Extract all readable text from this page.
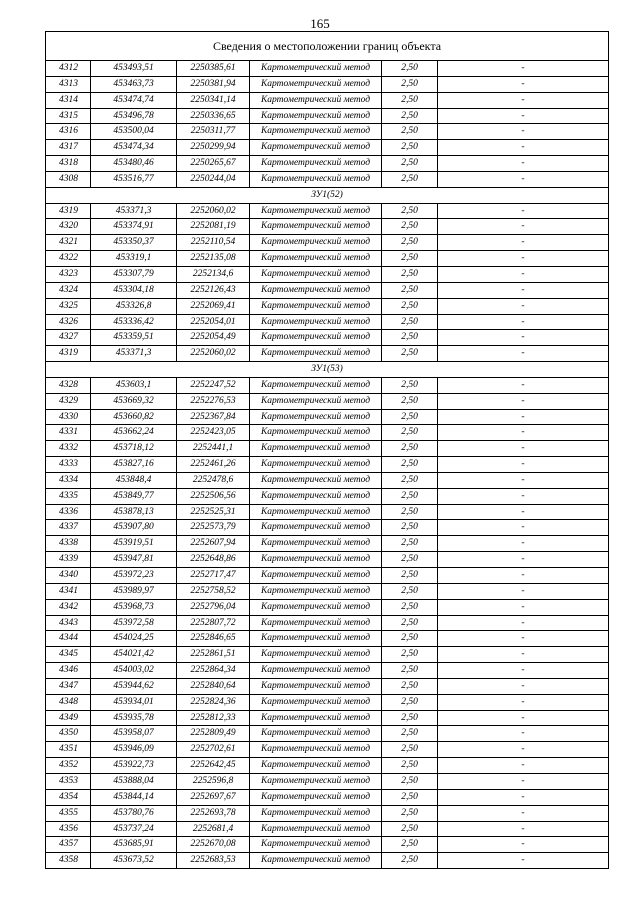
165
Сведения о местоположении границ объекта					
4312	453493,51	2250385,61	Картометрический метод	2,50	-
4313	453463,73	2250381,94	Картометрический метод	2,50	-
4314	453474,74	2250341,14	Картометрический метод	2,50	-
4315	453496,78	2250336,65	Картометрический метод	2,50	-
4316	453500,04	2250311,77	Картометрический метод	2,50	-
4317	453474,34	2250299,94	Картометрический метод	2,50	-
4318	453480,46	2250265,67	Картометрический метод	2,50	-
4308	453516,77	2250244,04	Картометрический метод	2,50	-
ЗУ1(52)					
4319	453371,3	2252060,02	Картометрический метод	2,50	-
4320	453374,91	2252081,19	Картометрический метод	2,50	-
4321	453350,37	2252110,54	Картометрический метод	2,50	-
4322	453319,1	2252135,08	Картометрический метод	2,50	-
4323	453307,79	2252134,6	Картометрический метод	2,50	-
4324	453304,18	2252126,43	Картометрический метод	2,50	-
4325	453326,8	2252069,41	Картометрический метод	2,50	-
4326	453336,42	2252054,01	Картометрический метод	2,50	-
4327	453359,51	2252054,49	Картометрический метод	2,50	-
4319	453371,3	2252060,02	Картометрический метод	2,50	-
ЗУ1(53)					
4328	453603,1	2252247,52	Картометрический метод	2,50	-
4329	453669,32	2252276,53	Картометрический метод	2,50	-
4330	453660,82	2252367,84	Картометрический метод	2,50	-
4331	453662,24	2252423,05	Картометрический метод	2,50	-
4332	453718,12	2252441,1	Картометрический метод	2,50	-
4333	453827,16	2252461,26	Картометрический метод	2,50	-
4334	453848,4	2252478,6	Картометрический метод	2,50	-
4335	453849,77	2252506,56	Картометрический метод	2,50	-
4336	453878,13	2252525,31	Картометрический метод	2,50	-
4337	453907,80	2252573,79	Картометрический метод	2,50	-
4338	453919,51	2252607,94	Картометрический метод	2,50	-
4339	453947,81	2252648,86	Картометрический метод	2,50	-
4340	453972,23	2252717,47	Картометрический метод	2,50	-
4341	453989,97	2252758,52	Картометрический метод	2,50	-
4342	453968,73	2252796,04	Картометрический метод	2,50	-
4343	453972,58	2252807,72	Картометрический метод	2,50	-
4344	454024,25	2252846,65	Картометрический метод	2,50	-
4345	454021,42	2252861,51	Картометрический метод	2,50	-
4346	454003,02	2252864,34	Картометрический метод	2,50	-
4347	453944,62	2252840,64	Картометрический метод	2,50	-
4348	453934,01	2252824,36	Картометрический метод	2,50	-
4349	453935,78	2252812,33	Картометрический метод	2,50	-
4350	453958,07	2252809,49	Картометрический метод	2,50	-
4351	453946,09	2252702,61	Картометрический метод	2,50	-
4352	453922,73	2252642,45	Картометрический метод	2,50	-
4353	453888,04	2252596,8	Картометрический метод	2,50	-
4354	453844,14	2252697,67	Картометрический метод	2,50	-
4355	453780,76	2252693,78	Картометрический метод	2,50	-
4356	453737,24	2252681,4	Картометрический метод	2,50	-
4357	453685,91	2252670,08	Картометрический метод	2,50	-
4358	453673,52	2252683,53	Картометрический метод	2,50	-
